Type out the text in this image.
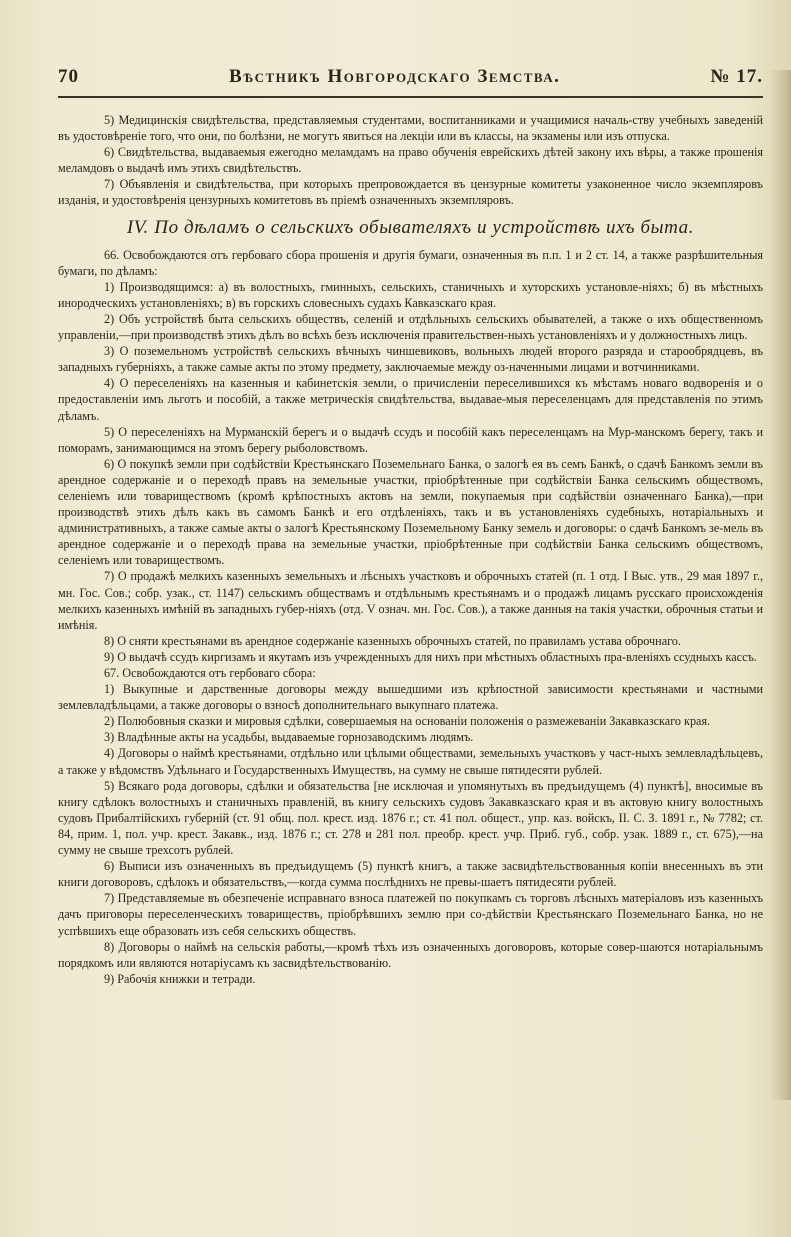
70	Вѣстникъ Новгородскаго Земства.	№ 17.

5) Медицинскія свидѣтельства, представляемыя студентами, воспитанниками и учащимися началь-ству учебныхъ заведеній въ удостовѣреніе того, что они, по болѣзни, не могутъ явиться на лекціи или въ классы, на экзамены или изъ отпуска.

6) Свидѣтельства, выдаваемыя ежегодно меламдамъ на право обученія еврейскихъ дѣтей закону ихъ вѣры, а также прошенія меламдовъ о выдачѣ имъ этихъ свидѣтельствъ.

7) Объявленія и свидѣтельства, при которыхъ препровождается въ цензурные комитеты узаконенное число экземпляровъ изданія, и удостовѣренія цензурныхъ комитетовъ въ пріемѣ означенныхъ экземпляровъ.

IV. По дѣламъ о сельскихъ обывателяхъ и устройствѣ ихъ быта.

66. Освобождаются отъ гербоваго сбора прошенія и другія бумаги, означенныя въ п.п. 1 и 2 ст. 14, а также разрѣшительныя бумаги, по дѣламъ:

1) Производящимся: а) въ волостныхъ, гминныхъ, сельскихъ, станичныхъ и хуторскихъ установле-ніяхъ; б) въ мѣстныхъ инородческихъ установленіяхъ; в) въ горскихъ словесныхъ судахъ Кавказскаго края.

2) Объ устройствѣ быта сельскихъ обществъ, селеній и отдѣльныхъ сельскихъ обывателей, а также о ихъ общественномъ управленіи,—при производствѣ этихъ дѣлъ во всѣхъ безъ исключенія правительствен-ныхъ установленіяхъ и у должностныхъ лицъ.

3) О поземельномъ устройствѣ сельскихъ вѣчныхъ чиншевиковъ, вольныхъ людей второго разряда и старообрядцевъ, въ западныхъ губерніяхъ, а также самые акты по этому предмету, заключаемые между оз-наченными лицами и вотчинниками.

4) О переселеніяхъ на казенныя и кабинетскія земли, о причисленіи переселившихся къ мѣстамъ новаго водворенія и о предоставленіи имъ льготъ и пособій, а также метрическія свидѣтельства, выдавае-мыя переселенцамъ для представленія по этимъ дѣламъ.

5) О переселеніяхъ на Мурманскій берегъ и о выдачѣ ссудъ и пособій какъ переселенцамъ на Мур-манскомъ берегу, такъ и поморамъ, занимающимся на этомъ берегу рыболовствомъ.

6) О покупкѣ земли при содѣйствіи Крестьянскаго Поземельнаго Банка, о залогѣ ея въ семъ Банкѣ, о сдачѣ Банкомъ земли въ арендное содержаніе и о переходѣ правъ на земельные участки, пріобрѣтенные при содѣйствіи Банка сельскимъ обществомъ, селеніемъ или товариществомъ (кромѣ крѣпостныхъ актовъ на земли, покупаемыя при содѣйствіи означеннаго Банка),—при производствѣ этихъ дѣлъ какъ въ самомъ Банкѣ и его отдѣленіяхъ, такъ и въ установленіяхъ судебныхъ, нотаріальныхъ и административныхъ, а также самые акты о залогѣ Крестьянскому Поземельному Банку земель и договоры: о сдачѣ Банкомъ зе-мель въ арендное содержаніе и о переходѣ права на земельные участки, пріобрѣтенные при содѣйствіи Банка сельскимъ обществомъ, селеніемъ или товариществомъ.

7) О продажѣ мелкихъ казенныхъ земельныхъ и лѣсныхъ участковъ и оброчныхъ статей (п. 1 отд. I Выс. утв., 29 мая 1897 г., мн. Гос. Сов.; собр. узак., ст. 1147) сельскимъ обществамъ и отдѣльнымъ крестьянамъ и о продажѣ лицамъ русскаго происхожденія мелкихъ казенныхъ имѣній въ западныхъ губер-ніяхъ (отд. V означ. мн. Гос. Сов.), а также данныя на такія участки, оброчныя статьи и имѣнія.

8) О сняти крестьянами въ арендное содержаніе казенныхъ оброчныхъ статей, по правиламъ устава оброчнаго.

9) О выдачѣ ссудъ киргизамъ и якутамъ изъ учрежденныхъ для нихъ при мѣстныхъ областныхъ пра-вленіяхъ ссудныхъ кассъ.

67. Освобождаются отъ гербоваго сбора:

1) Выкупные и дарственные договоры между вышедшими изъ крѣпостной зависимости крестьянами и частными землевладѣльцами, а также договоры о взносѣ дополнительнаго выкупнаго платежа.

2) Полюбовныя сказки и мировыя сдѣлки, совершаемыя на основаніи положенія о размежеваніи Закавказскаго края.

3) Владѣнные акты на усадьбы, выдаваемые горнозаводскимъ людямъ.

4) Договоры о наймѣ крестьянами, отдѣльно или цѣлыми обществами, земельныхъ участковъ у част-ныхъ землевладѣльцевъ, а также у вѣдомствъ Удѣльнаго и Государственныхъ Имуществъ, на сумму не свыше пятидесяти рублей.

5) Всякаго рода договоры, сдѣлки и обязательства [не исключая и упомянутыхъ въ предъидущемъ (4) пунктѣ], вносимые въ книгу сдѣлокъ волостныхъ и станичныхъ правленій, въ книгу сельскихъ судовъ Закавказскаго края и въ актовую книгу волостныхъ судовъ Прибалтійскихъ губерній (ст. 91 общ. пол. крест. изд. 1876 г.; ст. 41 пол. общест., упр. каз. войскъ, II. С. З. 1891 г., № 7782; ст. 84, прим. 1, пол. учр. крест. Закавк., изд. 1876 г.; ст. 278 и 281 пол. преобр. крест. учр. Приб. губ., собр. узак. 1889 г., ст. 675),—на сумму не свыше трехсотъ рублей.

6) Выписи изъ означенныхъ въ предъидущемъ (5) пунктѣ книгъ, а также засвидѣтельствованныя копіи внесенныхъ въ эти книги договоровъ, сдѣлокъ и обязательствъ,—когда сумма послѣднихъ не превы-шаетъ пятидесяти рублей.

7) Представляемые въ обезпеченіе исправнаго взноса платежей по покупкамъ съ торговъ лѣсныхъ матеріаловъ изъ казенныхъ дачъ приговоры переселенческихъ товариществъ, пріобрѣвшихъ землю при со-дѣйствіи Крестьянскаго Поземельнаго Банка, но не успѣвшихъ еще образовать изъ себя сельскихъ обществъ.

8) Договоры о наймѣ на сельскія работы,—кромѣ тѣхъ изъ означенныхъ договоровъ, которые совер-шаются нотаріальнымъ порядкомъ или являются нотаріусамъ къ засвидѣтельствованію.

9) Рабочія книжки и тетради.
